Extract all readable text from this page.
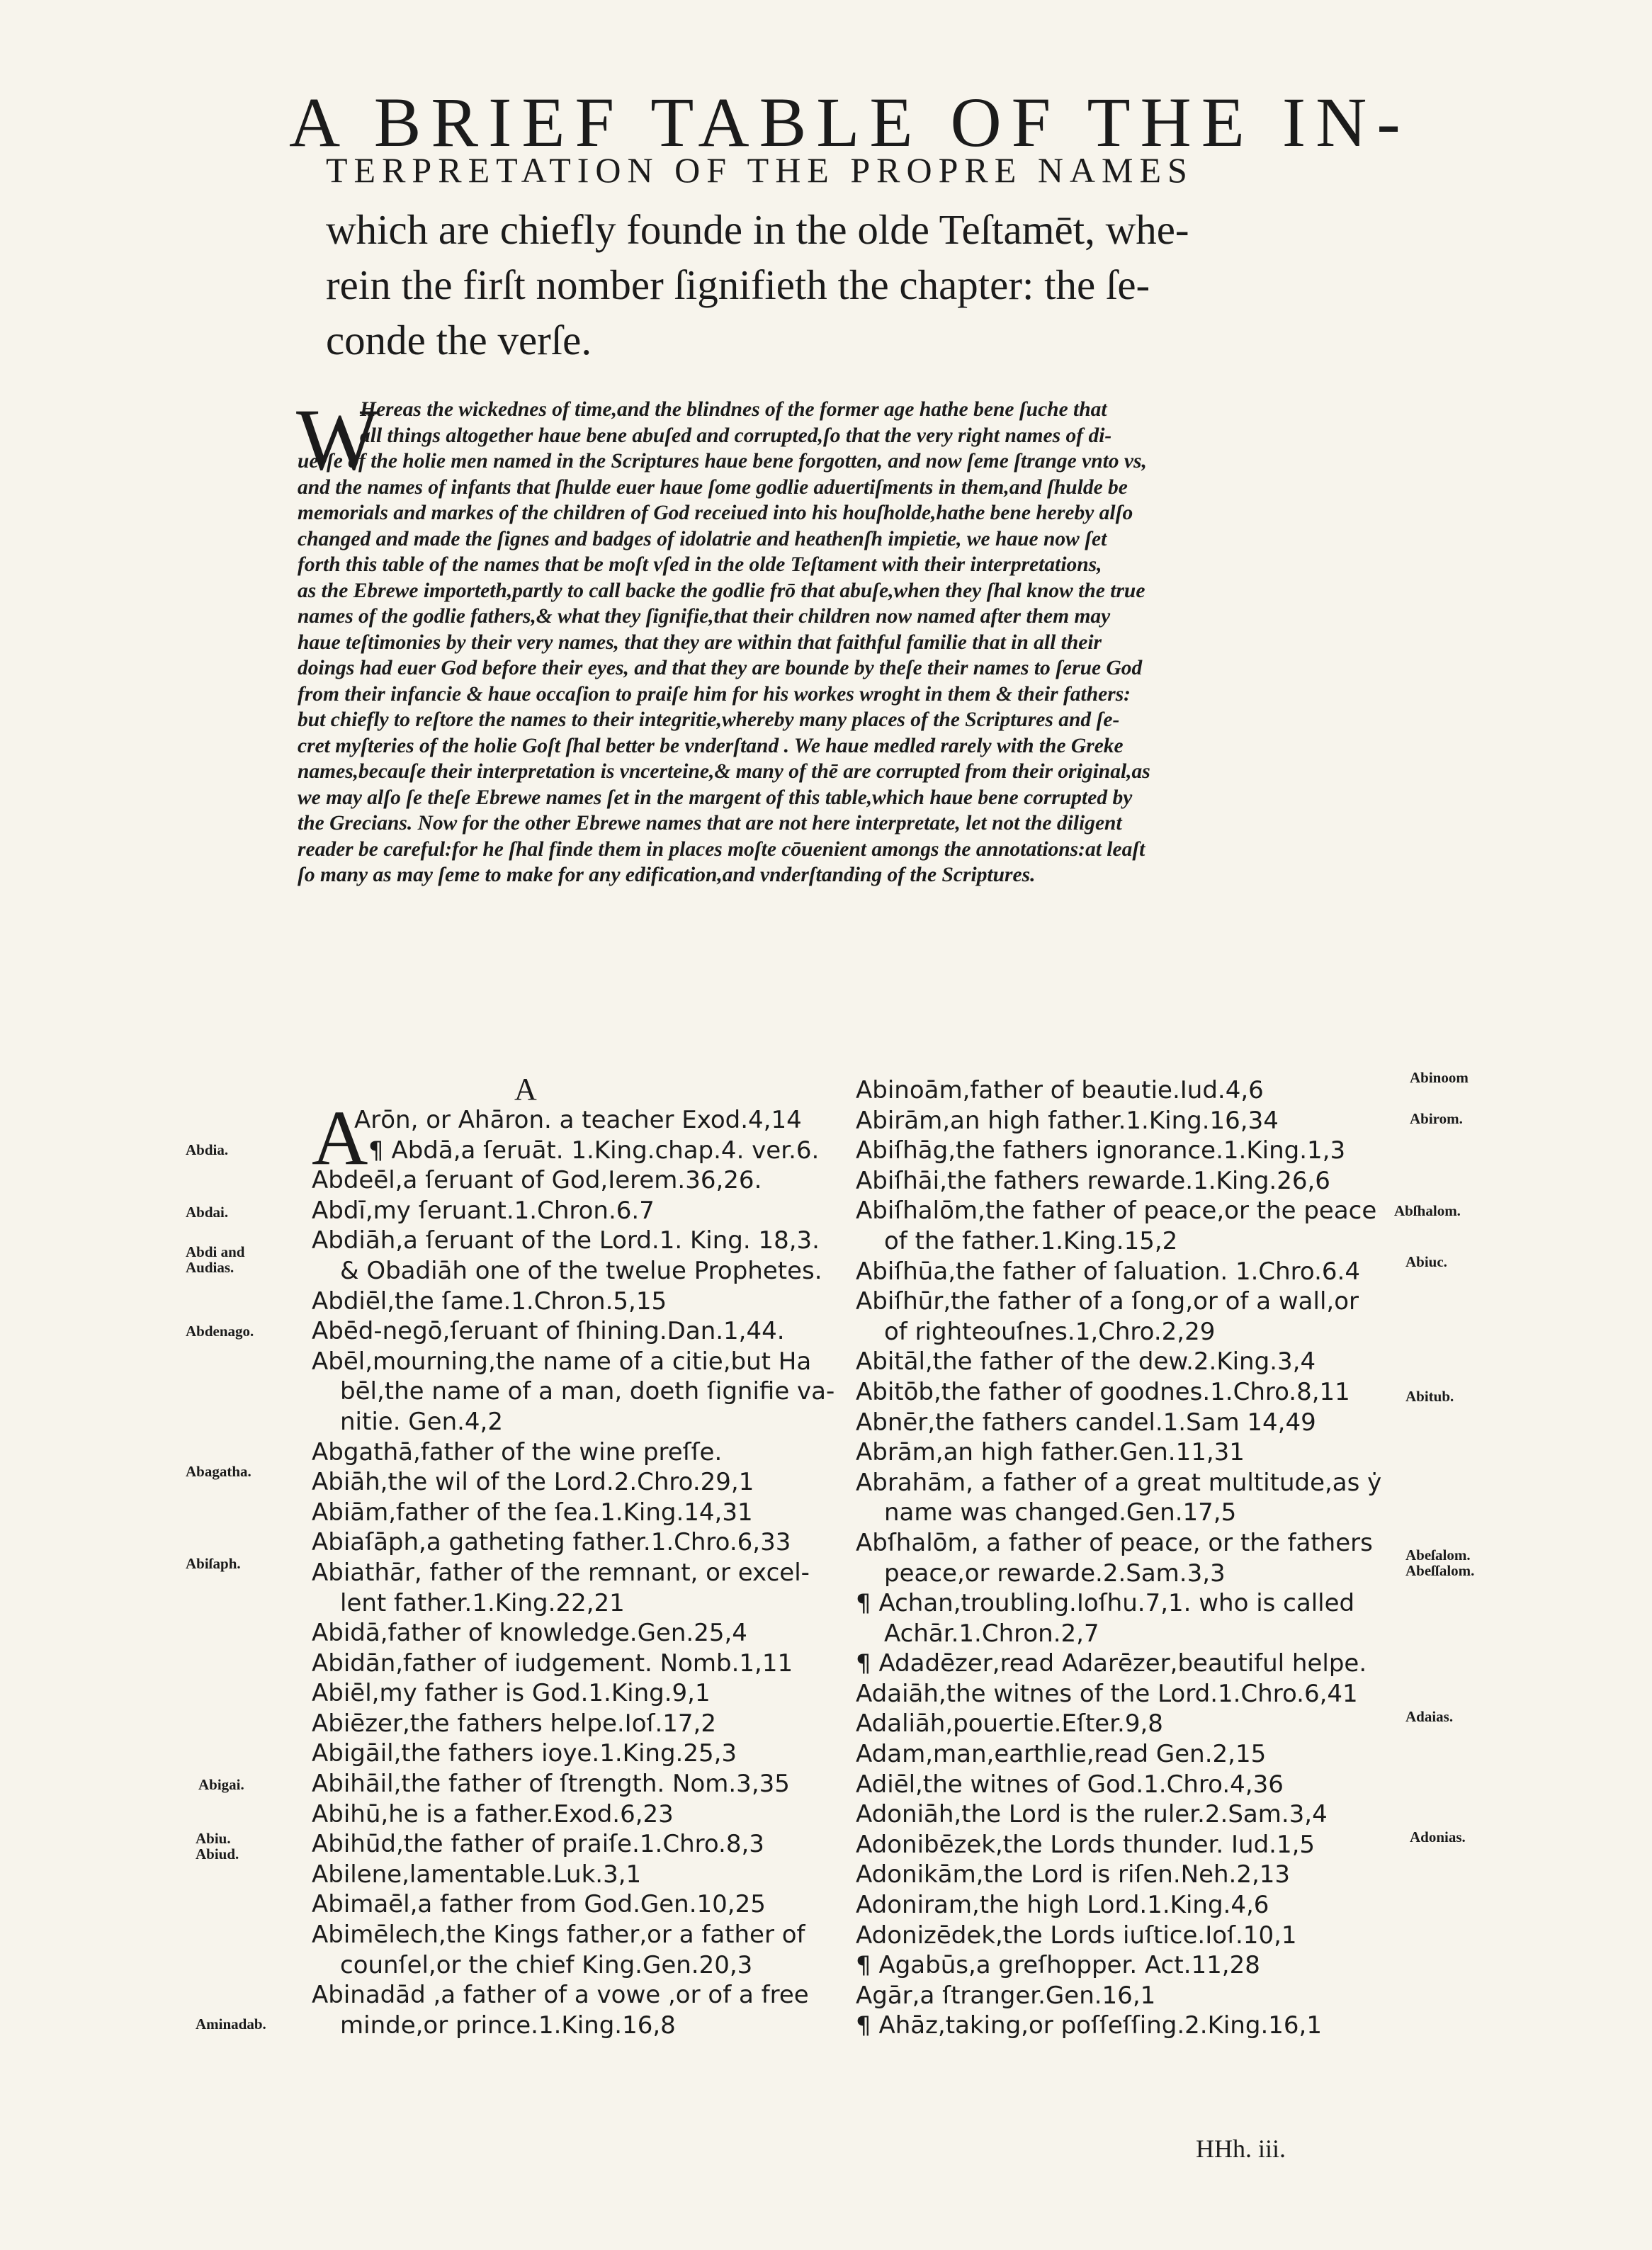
A BRIEF TABLE OF THE IN-
TERPRETATION OF THE PROPRE NAMES
which are chiefly founde in the olde Teſtamēt, whe-
rein the firſt nomber ſignifieth the chapter: the ſe-
conde the verſe.
W
Hereas the wickednes of time,and the blindnes of the former age hathe bene ſuche that
all things altogether haue bene abuſed and corrupted,ſo that the very right names of di-
uerſe of the holie men named in the Scriptures haue bene forgotten, and now ſeme ſtrange vnto vs,
and the names of infants that ſhulde euer haue ſome godlie aduertiſments in them,and ſhulde be
memorials and markes of the children of God receiued into his houſholde,hathe bene hereby alſo
changed and made the ſignes and badges of idolatrie and heathenſh impietie, we haue now ſet
forth this table of the names that be moſt vſed in the olde Teſtament with their interpretations,
as the Ebrewe importeth,partly to call backe the godlie frō that abuſe,when they ſhal know the true
names of the godlie fathers,& what they ſignifie,that their children now named after them may
haue teſtimonies by their very names, that they are within that faithful familie that in all their
doings had euer God before their eyes, and that they are bounde by theſe their names to ſerue God
from their infancie & haue occaſion to praiſe him for his workes wroght in them & their fathers:
but chiefly to reſtore the names to their integritie,whereby many places of the Scriptures and ſe-
cret myſteries of the holie Goſt ſhal better be vnderſtand . We haue medled rarely with the Greke
names,becauſe their interpretation is vncerteine,& many of thē are corrupted from their original,as
we may alſo ſe theſe Ebrewe names ſet in the margent of this table,which haue bene corrupted by
the Grecians. Now for the other Ebrewe names that are not here interpretate, let not the diligent
reader be careful:for he ſhal finde them in places moſte cōuenient amongs the annotations:at leaſt
ſo many as may ſeme to make for any edification,and vnderſtanding of the Scriptures.
A
A
Arōn, or Ahāron. a teacher Exod.4,14
¶ Abdā,a ſeruāt. 1.King.chap.4. ver.6.
Abdeēl,a ſeruant of God,Ierem.36,26.
Abdī,my ſeruant.1.Chron.6.7
Abdiāh,a ſeruant of the Lord.1. King. 18,3.
& Obadiāh one of the twelue Prophetes.
Abdiēl,the ſame.1.Chron.5,15
Abēd-negō,ſeruant of ſhining.Dan.1,44.
Abēl,mourning,the name of a citie,but Ha
bēl,the name of a man, doeth ſignifie va-
nitie. Gen.4,2
Abgathā,father of the wine preſſe.
Abiāh,the wil of the Lord.2.Chro.29,1
Abiām,father of the ſea.1.King.14,31
Abiaſāph,a gatheting father.1.Chro.6,33
Abiathār, father of the remnant, or excel-
lent father.1.King.22,21
Abidā,father of knowledge.Gen.25,4
Abidān,father of iudgement. Nomb.1,11
Abiēl,my father is God.1.King.9,1
Abiēzer,the fathers helpe.Ioſ.17,2
Abigāil,the fathers ioye.1.King.25,3
Abihāil,the father of ſtrength. Nom.3,35
Abihū,he is a father.Exod.6,23
Abihūd,the father of praiſe.1.Chro.8,3
Abilene,lamentable.Luk.3,1
Abimaēl,a father from God.Gen.10,25
Abimēlech,the Kings father,or a father of
counſel,or the chief King.Gen.20,3
Abinadād ,a father of a vowe ,or of a free
minde,or prince.1.King.16,8
Abinoām,father of beautie.Iud.4,6
Abirām,an high father.1.King.16,34
Abiſhāg,the fathers ignorance.1.King.1,3
Abiſhāi,the fathers rewarde.1.King.26,6
Abiſhalōm,the father of peace,or the peace
of the father.1.King.15,2
Abiſhūa,the father of ſaluation. 1.Chro.6.4
Abiſhūr,the father of a ſong,or of a wall,or
of righteouſnes.1,Chro.2,29
Abitāl,the father of the dew.2.King.3,4
Abitōb,the father of goodnes.1.Chro.8,11
Abnēr,the fathers candel.1.Sam 14,49
Abrām,an high father.Gen.11,31
Abrahām, a father of a great multitude,as ẏ
name was changed.Gen.17,5
Abſhalōm, a father of peace, or the fathers
peace,or rewarde.2.Sam.3,3
¶ Achan,troubling.Ioſhu.7,1. who is called
Achār.1.Chron.2,7
¶ Adadēzer,read Adarēzer,beautiful helpe.
Adaiāh,the witnes of the Lord.1.Chro.6,41
Adaliāh,pouertie.Eſter.9,8
Adam,man,earthlie,read Gen.2,15
Adiēl,the witnes of God.1.Chro.4,36
Adoniāh,the Lord is the ruler.2.Sam.3,4
Adonibēzek,the Lords thunder. Iud.1,5
Adonikām,the Lord is riſen.Neh.2,13
Adoniram,the high Lord.1.King.4,6
Adonizēdek,the Lords iuſtice.Ioſ.10,1
¶ Agabūs,a greſhopper. Act.11,28
Agār,a ſtranger.Gen.16,1
¶ Ahāz,taking,or poſſeſſing.2.King.16,1
Abdia.
Abdai.
Abdi and
Audias.
Abdenago.
Abagatha.
Abiſaph.
Abigai.
Abiu.
Abiud.
Aminadab.
Abinoom
Abirom.
Abſhalom.
Abiuc.
Abitub.
Abeſalom.
Abeſſalom.
Adaias.
Adonias.
HHh. iii.
